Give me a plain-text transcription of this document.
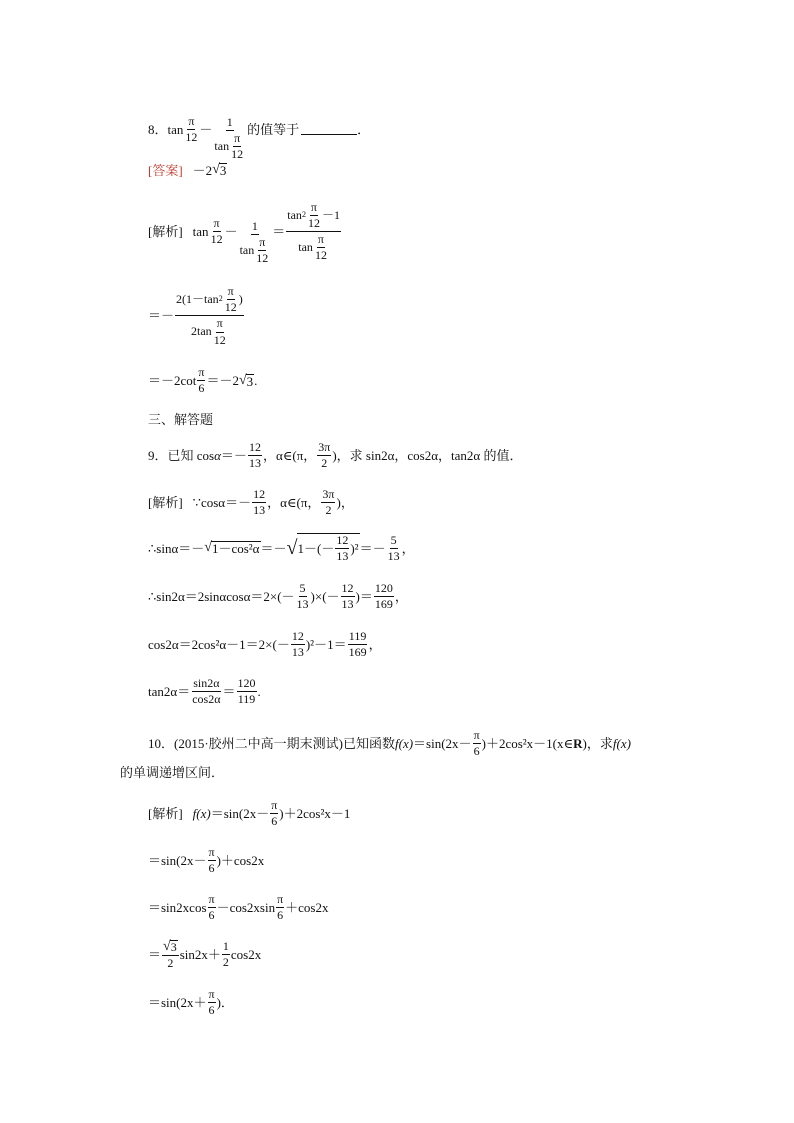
8． tan
π
12 －
1
tan
π
12
的值等于	．
[答案] －2 √ 3
[解析] tan
π
12 － 1
tan
π
12
＝
tan 2
π
12
－1
tan
π
12
＝－
2(1－tan 2
π
12
)
2tan
π
12
＝－2cot
π
6 ＝－2 √ 3 .
三、解答题
9．已知 cos α ＝－
12
13 ，α∈(π，
3π
2 )，求 sin2α，cos2α，tan2α 的值．
[解析] ∵cosα＝－
12
13 ，α∈(π，
3π
2 )，
∴sinα＝－ √ 1－cos²α ＝－ √ 1－(－
12
13 )² ＝－
5
13 ，
∴sin2α＝2sinαcosα＝2×(－
5
13 )×(－
12
13 )＝
120
169 ，
cos2α＝2cos²α－1＝2×(－
12
13 )²－1＝
119
169 ，
tan2α＝
sin2α
cos2α ＝
120
119 .
10．(2015·胶州二中高一期末测试)已知函数 f(x) ＝sin(2x－
π
6 )＋2cos²x－1(x∈ R )，求 f(x)
的单调递增区间．
[解析] f(x) ＝sin(2x－
π
6 )＋2cos²x－1
＝sin(2x－
π
6 )＋cos2x
＝sin2xcos
π
6 －cos2xsin
π
6 ＋cos2x
＝
√ 3
2
sin2x＋
1
2 cos2x
＝sin(2x＋
π
6 )．
